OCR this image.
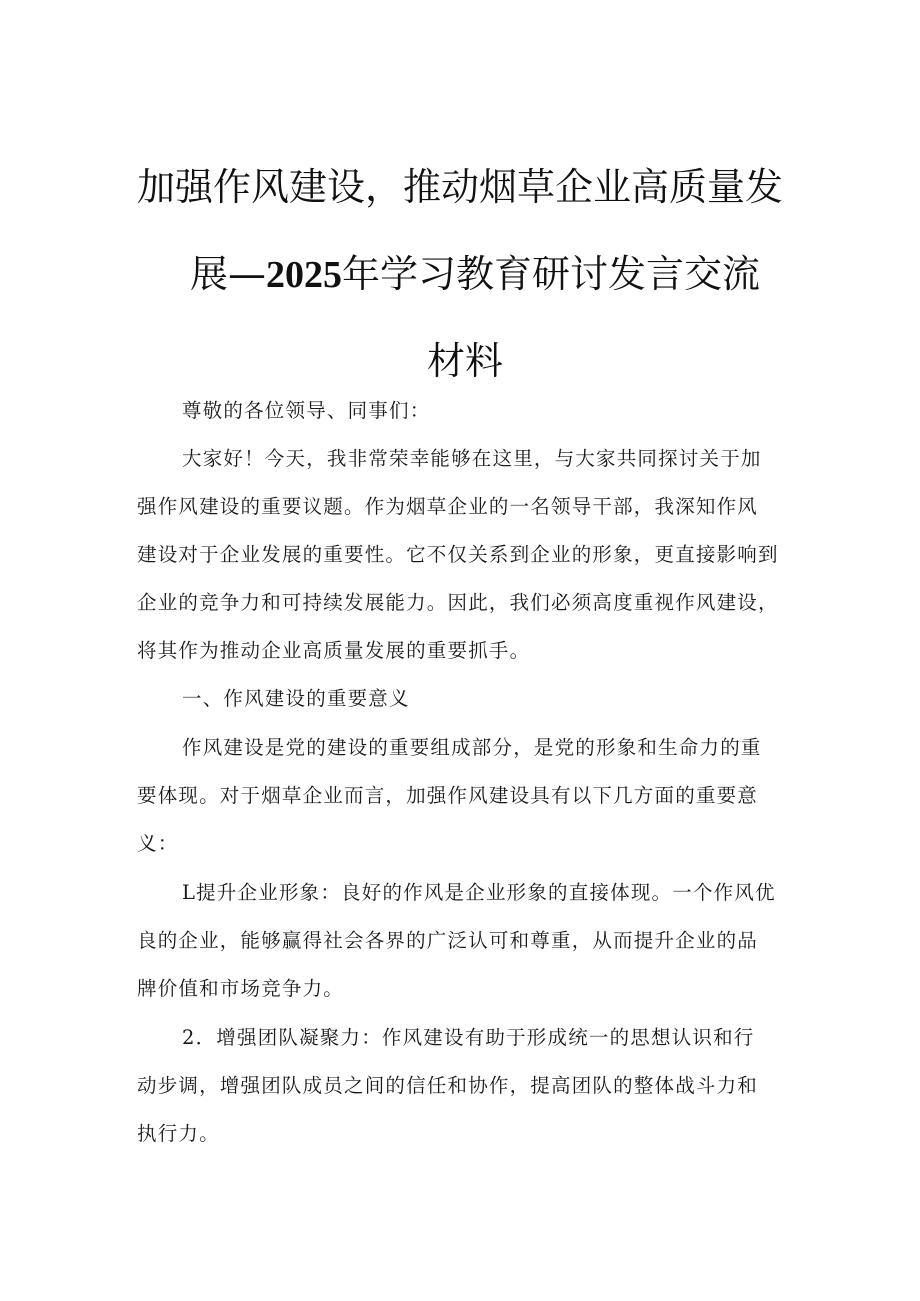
加强作风建设，推动烟草企业高质量发
展—2025年学习教育研讨发言交流
材料
尊敬的各位领导、同事们：
大家好！今天，我非常荣幸能够在这里，与大家共同探讨关于加
强作风建设的重要议题。作为烟草企业的一名领导干部，我深知作风
建设对于企业发展的重要性。它不仅关系到企业的形象，更直接影响到
企业的竞争力和可持续发展能力。因此，我们必须高度重视作风建设，
将其作为推动企业高质量发展的重要抓手。
一、作风建设的重要意义
作风建设是党的建设的重要组成部分，是党的形象和生命力的重
要体现。对于烟草企业而言，加强作风建设具有以下几方面的重要意
义：
L提升企业形象：良好的作风是企业形象的直接体现。一个作风优
良的企业，能够赢得社会各界的广泛认可和尊重，从而提升企业的品
牌价值和市场竞争力。
2．增强团队凝聚力：作风建设有助于形成统一的思想认识和行
动步调，增强团队成员之间的信任和协作，提高团队的整体战斗力和
执行力。
